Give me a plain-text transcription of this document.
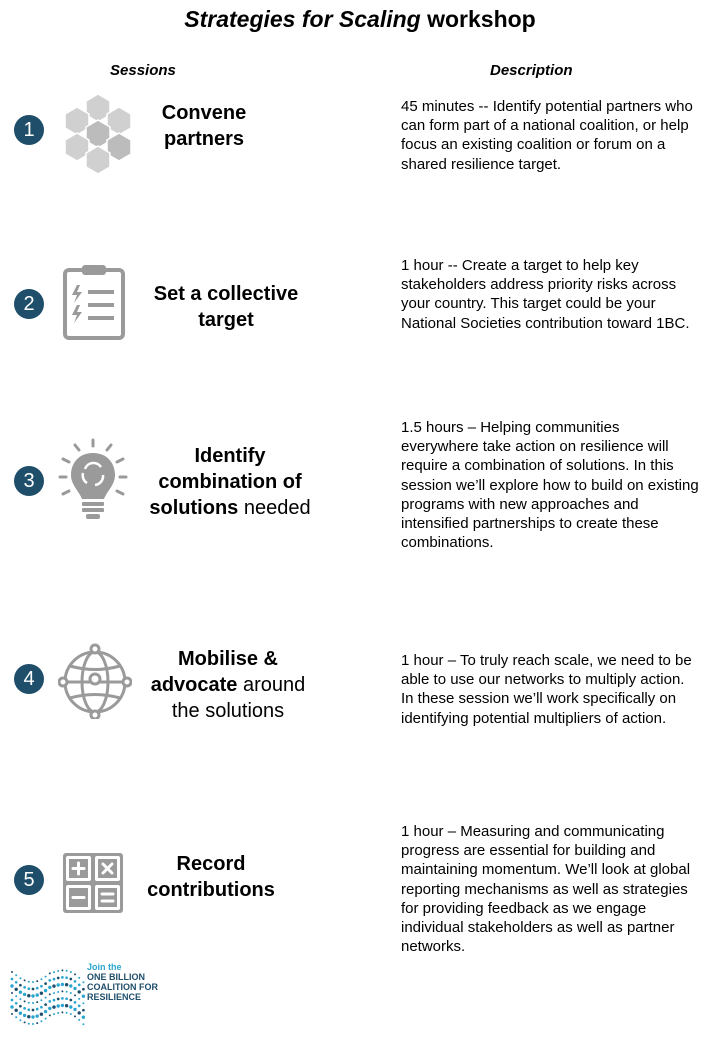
Strategies for Scaling workshop
Sessions	Description
1
Convene partners
45 minutes -- Identify potential partners who can form part of a national coalition, or help focus an existing coalition or forum on a shared resilience target.
2	Set a collective target
1 hour -- Create a target to help key stakeholders address priority risks across your country. This target could be your National Societies contribution toward 1BC.
3
Identify combination of solutions needed
1.5 hours – Helping communities everywhere take action on resilience will require a combination of solutions. In this session we’ll explore how to build on existing programs with new approaches and intensified partnerships to create these combinations.
4
Mobilise & advocate around the solutions
1 hour – To truly reach scale, we need to be able to use our networks to multiply action. In these session we’ll work specifically on identifying potential multipliers of action.
5
Record contributions
1 hour – Measuring and communicating progress are essential for building and maintaining momentum. We’ll look at global reporting mechanisms as well as strategies for providing feedback as we engage individual stakeholders as well as partner networks.
Join the
ONE BILLION
COALITION FOR
RESILIENCE
